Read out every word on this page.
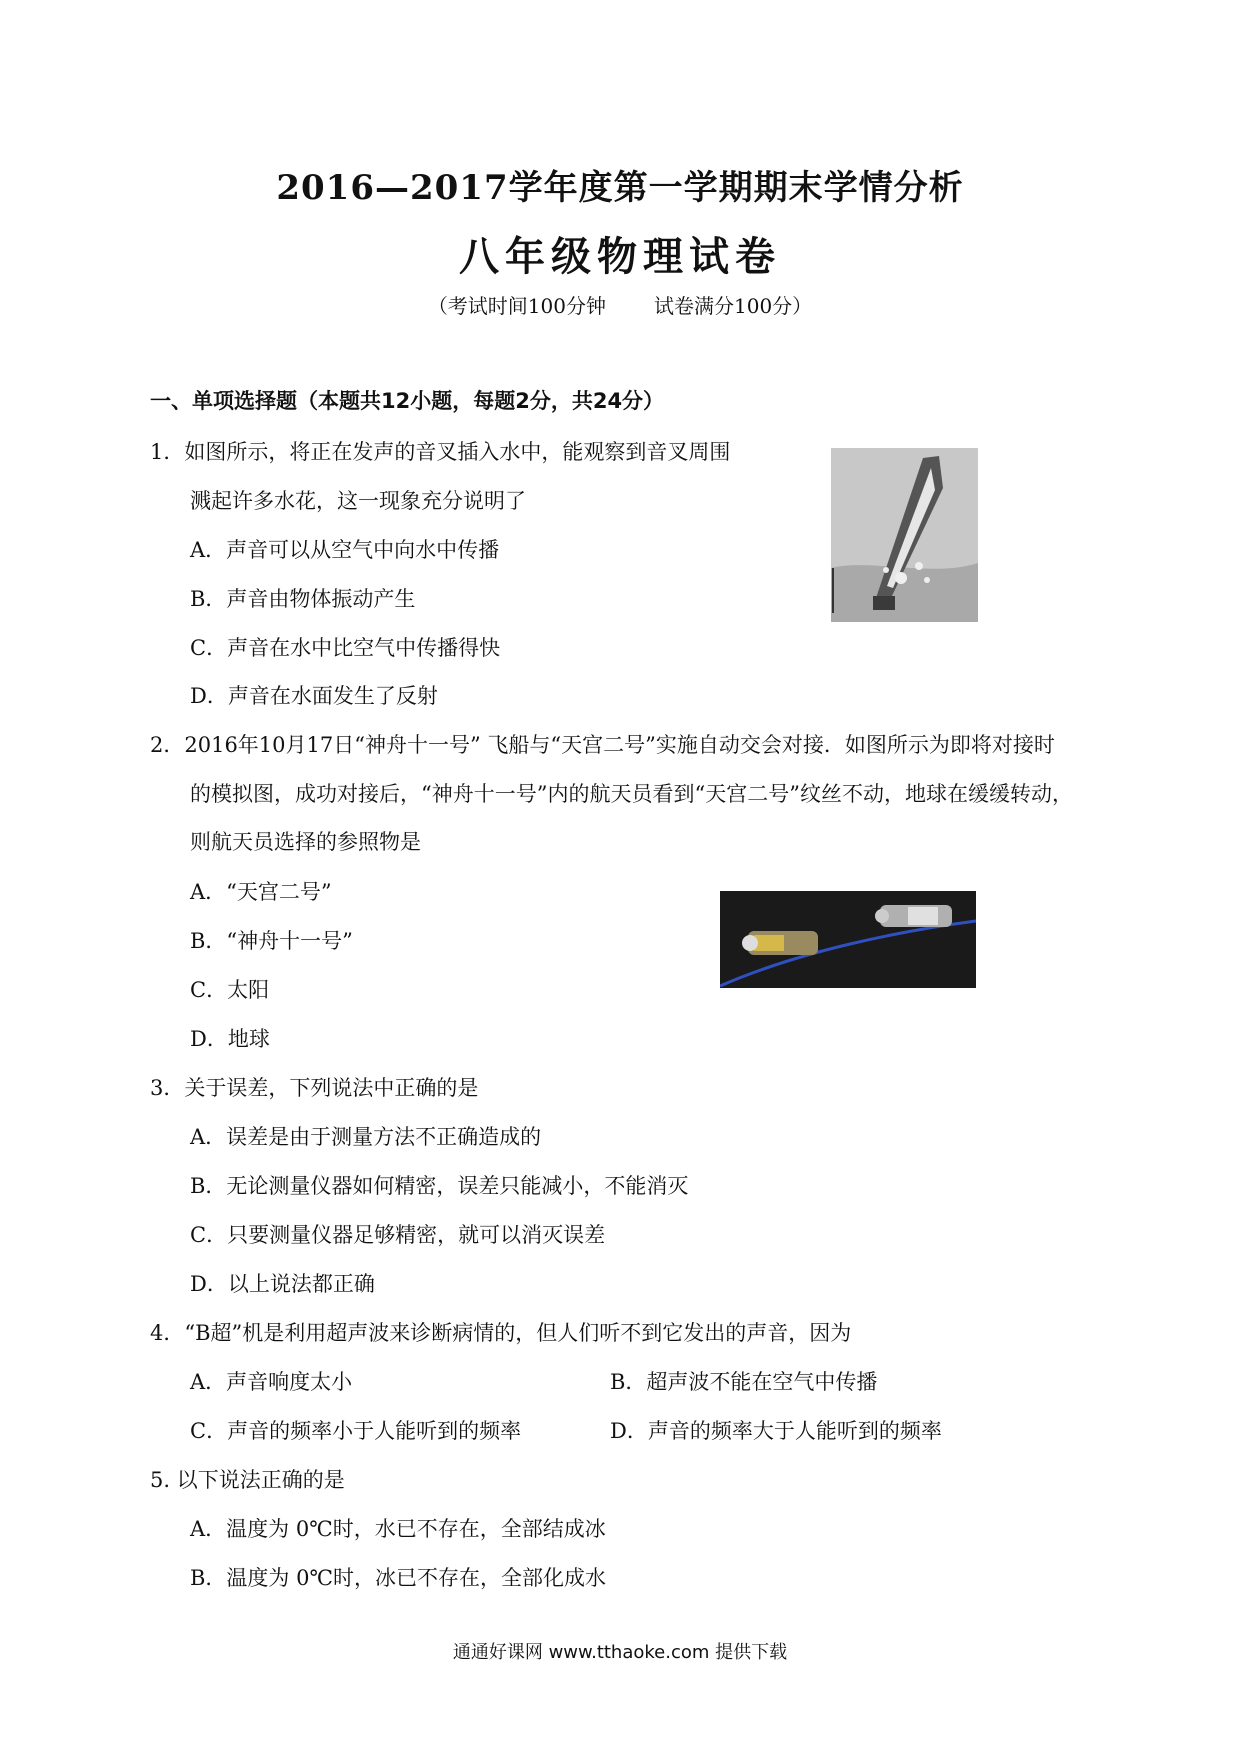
2016—2017学年度第一学期期末学情分析
八年级物理试卷
（考试时间100分钟 试卷满分100分）
一、单项选择题（本题共12小题，每题2分，共24分）
1．如图所示，将正在发声的音叉插入水中，能观察到音叉周围
溅起许多水花，这一现象充分说明了
A．声音可以从空气中向水中传播
B．声音由物体振动产生
C．声音在水中比空气中传播得快
D．声音在水面发生了反射
2．2016年10月17日“神舟十一号” 飞船与“天宫二号”实施自动交会对接．如图所示为即将对接时
的模拟图，成功对接后，“神舟十一号”内的航天员看到“天宫二号”纹丝不动，地球在缓缓转动，
则航天员选择的参照物是
A．“天宫二号”
B．“神舟十一号”
C．太阳
D．地球
3．关于误差，下列说法中正确的是
A．误差是由于测量方法不正确造成的
B．无论测量仪器如何精密，误差只能减小，不能消灭
C．只要测量仪器足够精密，就可以消灭误差
D．以上说法都正确
4．“B超”机是利用超声波来诊断病情的，但人们听不到它发出的声音，因为
A．声音响度太小	B．超声波不能在空气中传播
C．声音的频率小于人能听到的频率	D．声音的频率大于人能听到的频率
5. 以下说法正确的是
A．温度为 0℃时，水已不存在，全部结成冰
B．温度为 0℃时，冰已不存在，全部化成水
通通好课网 www.tthaoke.com 提供下载
